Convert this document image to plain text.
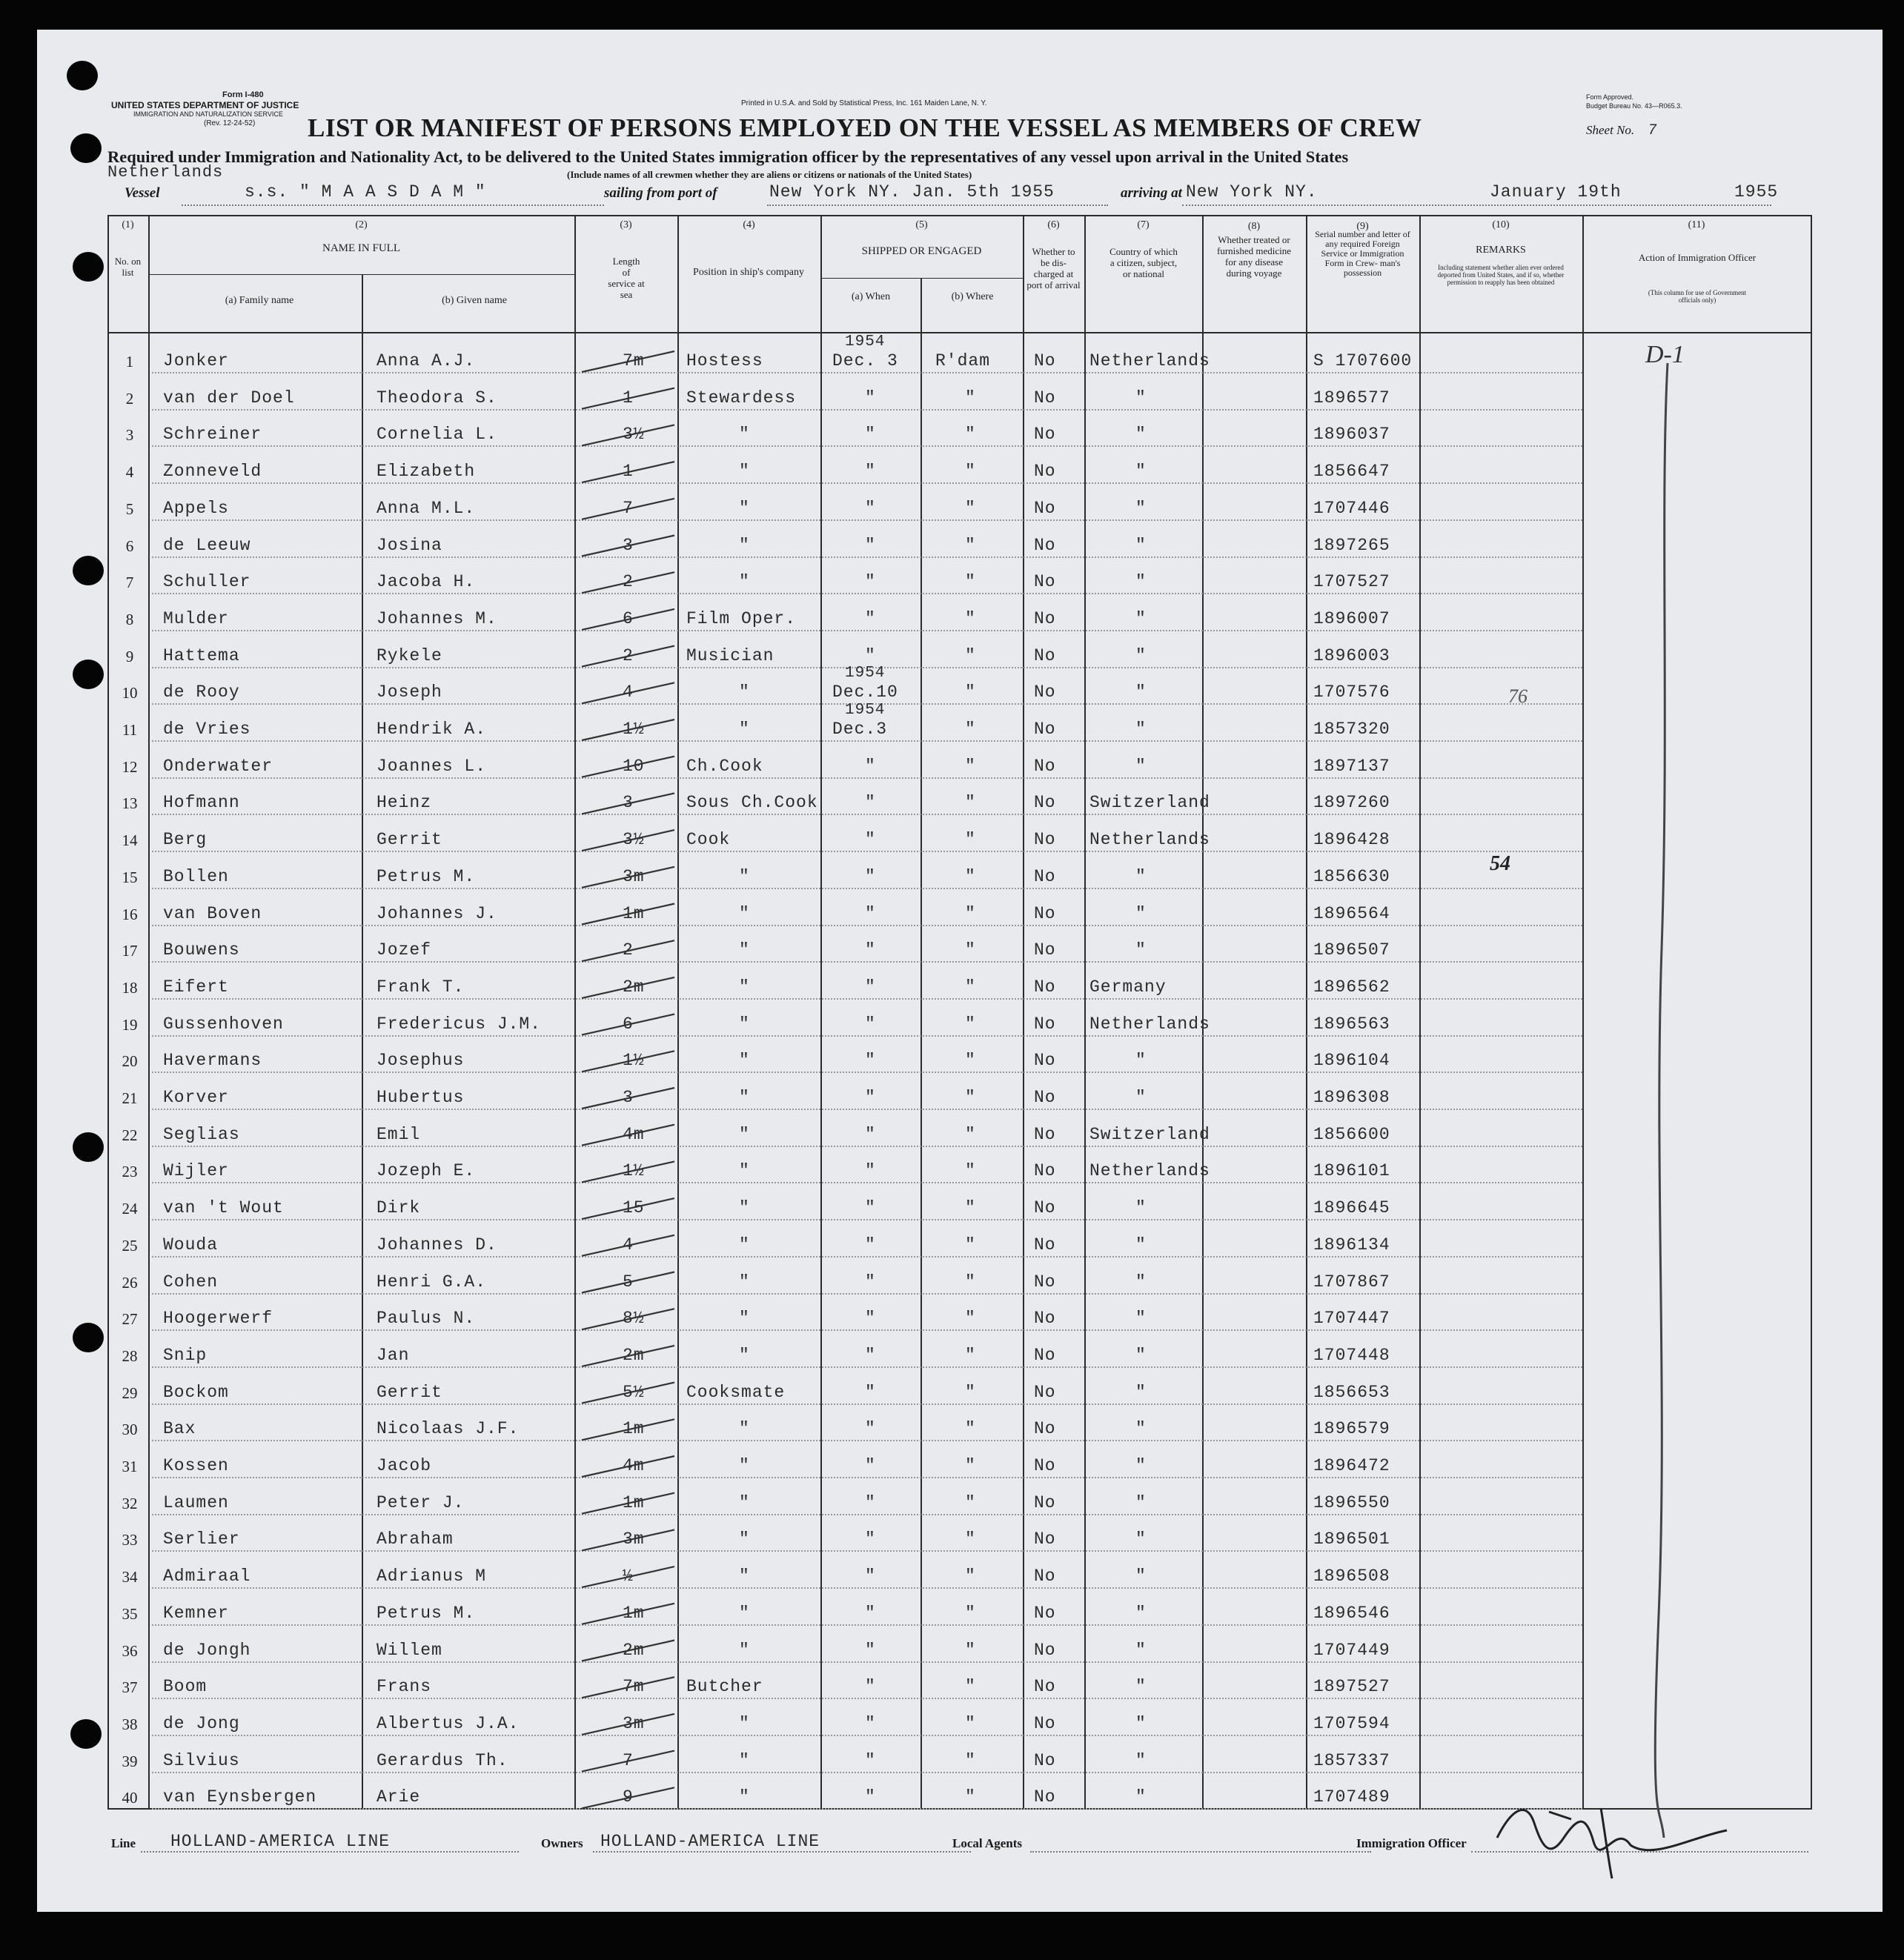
Form I-480
UNITED STATES DEPARTMENT OF JUSTICE
IMMIGRATION AND NATURALIZATION SERVICE
(Rev. 12-24-52)
Printed in U.S.A. and Sold by Statistical Press, Inc. 161 Maiden Lane, N. Y.
Form Approved.
Budget Bureau No. 43—R065.3.
LIST OR MANIFEST OF PERSONS EMPLOYED ON THE VESSEL AS MEMBERS OF CREW	Sheet No. 7
Required under Immigration and Nationality Act, to be delivered to the United States immigration officer by the representatives of any vessel upon arrival in the United States
(Include names of all crewmen whether they are aliens or citizens or nationals of the United States)
Netherlands
Vessel	s.s. " M A A S D A M "	sailing from port of	New York NY. Jan. 5th 1955	arriving at New York NY.	January 19th	1955
(1)
No. on list
(2)
NAME IN FULL
(a) Family name	(b) Given name
(3)
Length of service at sea
(4)
Position in ship's company
(5)
SHIPPED OR ENGAGED
(a) When	(b) Where
(6)
Whether to be dis- charged at port of arrival
(7)
Country of which a citizen, subject, or national
(8)
Whether treated or furnished medicine for any disease during voyage
(9)
Serial number and letter of any required Foreign Service or Immigration Form in Crew- man's possession
(10)
REMARKS
Including statement whether alien ever ordered deported from United States, and if so, whether permission to reapply has been obtained
(11)
Action of Immigration Officer
(This column for use of Government officials only)
1	Jonker	Anna A.J.	7m Hostess	Dec. 3 R'dam	No Netherlands	S 1707600
1954
2	van der Doel	Theodora S.	1	Stewardess	"	"	No	"	1896577
3	Schreiner	Cornelia L.	3½	"	"	"	No	"	1896037
4	Zonneveld	Elizabeth	1	"	"	"	No	"	1856647
5	Appels	Anna M.L.	7	"	"	"	No	"	1707446
6	de Leeuw	Josina	3	"	"	"	No	"	1897265
7	Schuller	Jacoba H.	2	"	"	"	No	"	1707527
8	Mulder	Johannes M.	6	Film Oper.	"	"	No	"	1896007
9	Hattema	Rykele	2	Musician	"	"	No	"	1896003
10	de Rooy	Joseph	4	"	Dec.10	"	No	"	1707576
1954
11	de Vries	Hendrik A.	1½	"	Dec.3	"	No	"	1857320
1954
12	Onderwater	Joannes L.	10 Ch.Cook	"	"	No	"	1897137
13	Hofmann	Heinz	3	Sous Ch.Cook	"	"	No Switzerland	1897260
14	Berg	Gerrit	3½ Cook	"	"	No Netherlands	1896428
15	Bollen	Petrus M.	3m	"	"	"	No	"	1856630
16	van Boven	Johannes J.	1m	"	"	"	No	"	1896564
17	Bouwens	Jozef	2	"	"	"	No	"	1896507
18	Eifert	Frank T.	2m	"	"	"	No Germany	1896562
19	Gussenhoven	Fredericus J.M.	6	"	"	"	No Netherlands	1896563
20	Havermans	Josephus	1½	"	"	"	No	"	1896104
21	Korver	Hubertus	3	"	"	"	No	"	1896308
22	Seglias	Emil	4m	"	"	"	No Switzerland	1856600
23	Wijler	Jozeph E.	1½	"	"	"	No Netherlands	1896101
24	van 't Wout	Dirk	15	"	"	"	No	"	1896645
25	Wouda	Johannes D.	4	"	"	"	No	"	1896134
26	Cohen	Henri G.A.	5	"	"	"	No	"	1707867
27	Hoogerwerf	Paulus N.	8½	"	"	"	No	"	1707447
28	Snip	Jan	2m	"	"	"	No	"	1707448
29	Bockom	Gerrit	5½ Cooksmate	"	"	No	"	1856653
30	Bax	Nicolaas J.F.	1m	"	"	"	No	"	1896579
31	Kossen	Jacob	4m	"	"	"	No	"	1896472
32	Laumen	Peter J.	1m	"	"	"	No	"	1896550
33	Serlier	Abraham	3m	"	"	"	No	"	1896501
34	Admiraal	Adrianus M	½	"	"	"	No	"	1896508
35	Kemner	Petrus M.	1m	"	"	"	No	"	1896546
36	de Jongh	Willem	2m	"	"	"	No	"	1707449
37	Boom	Frans	7m Butcher	"	"	No	"	1897527
38	de Jong	Albertus J.A.	3m	"	"	"	No	"	1707594
39	Silvius	Gerardus Th.	7	"	"	"	No	"	1857337
40	van Eynsbergen	Arie	9	"	"	"	No	"	1707489
D-1
76
54
Line HOLLAND-AMERICA LINE	Owners HOLLAND-AMERICA LINE	Local Agents	Immigration Officer
